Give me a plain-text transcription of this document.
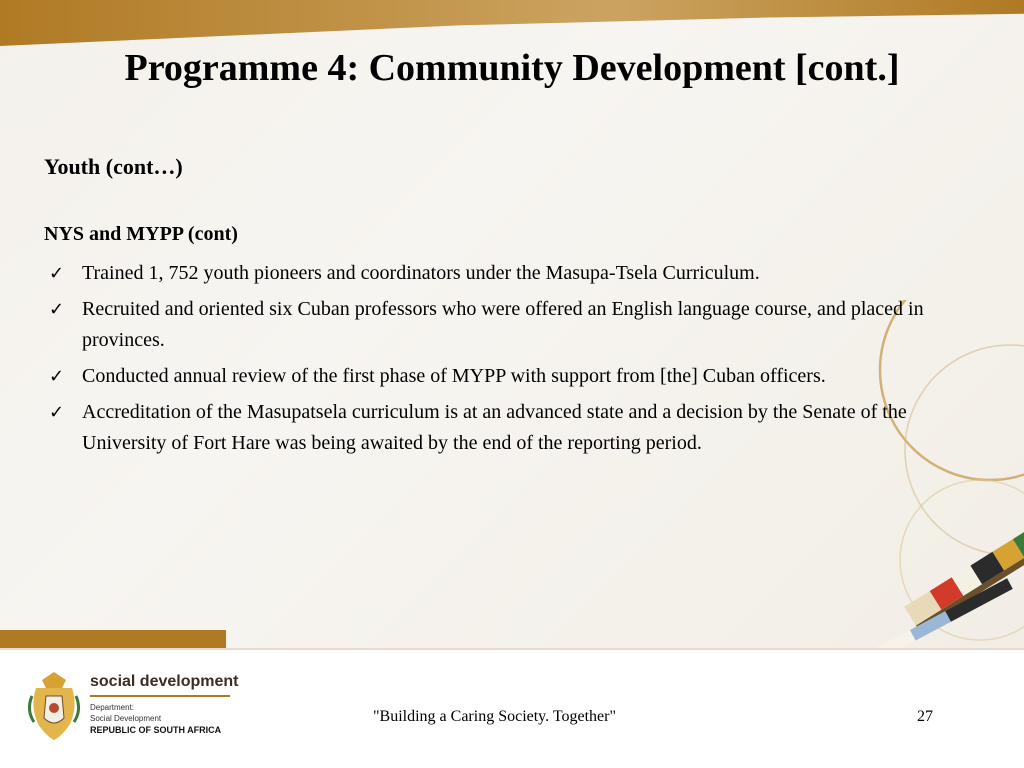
Programme 4: Community Development [cont.]
Youth (cont…)
NYS and MYPP (cont)
✓ Trained 1, 752 youth pioneers and coordinators under the Masupa-Tsela Curriculum.
✓ Recruited and oriented six Cuban professors who were offered an English language course, and placed in provinces.
✓ Conducted annual review of the first phase of MYPP with support from [the] Cuban officers.
✓ Accreditation of the Masupatsela curriculum is at an advanced state and a decision by the Senate of the University of Fort Hare was being awaited by the end of the reporting period.
social development
Department:
Social Development
REPUBLIC OF SOUTH AFRICA
"Building a Caring Society. Together"	27
